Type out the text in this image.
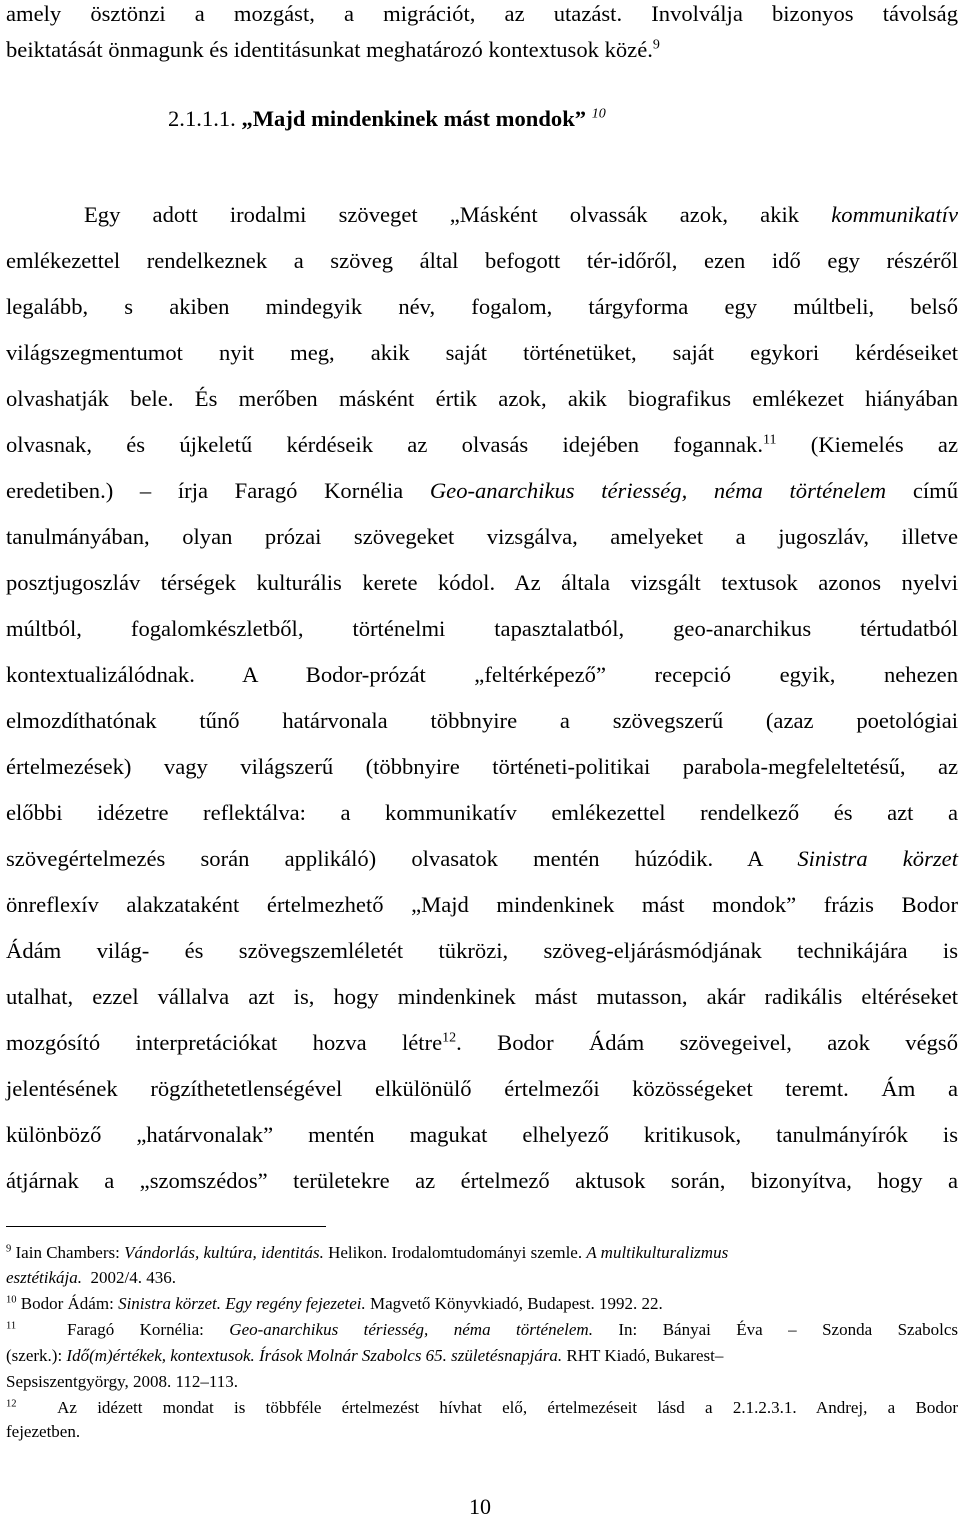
amely ösztönzi a mozgást, a migrációt, az utazást. Involválja bizonyos távolság
beiktatását önmagunk és identitásunkat meghatározó kontextusok közé.$^9$
2.1.1.1. „Majd mindenkinek mást mondok” $^{10}$
Egy adott irodalmi szöveget „Másként olvassák azok, akik kommunikatív
emlékezettel rendelkeznek a szöveg által befogott tér-időről, ezen idő egy részéről
legalább, s akiben mindegyik név, fogalom, tárgyforma egy múltbeli, belső
világszegmentumot nyit meg, akik saját történetüket, saját egykori kérdéseiket
olvashatják bele. És merőben másként értik azok, akik biografikus emlékezet hiányában
olvasnak, és újkeletű kérdéseik az olvasás idejében fogannak.$^{11}$ (Kiemelés az
eredetiben.) ‒ írja Faragó Kornélia Geo-anarchikus tériesség, néma történelem című
tanulmányában, olyan prózai szövegeket vizsgálva, amelyeket a jugoszláv, illetve
posztjugoszláv térségek kulturális kerete kódol. Az általa vizsgált textusok azonos nyelvi
múltból, fogalomkészletből, történelmi tapasztalatból, geo-anarchikus tértudatból
kontextualizálódnak. A Bodor-prózát „feltérképező” recepció egyik, nehezen
elmozdíthatónak tűnő határvonala többnyire a szövegszerű (azaz poetológiai
értelmezések) vagy világszerű (többnyire történeti-politikai parabola-megfeleltetésű, az
előbbi idézetre reflektálva: a kommunikatív emlékezettel rendelkező és azt a
szövegértelmezés során applikáló) olvasatok mentén húzódik. A Sinistra körzet
önreflexív alakzataként értelmezhető „Majd mindenkinek mást mondok” frázis Bodor
Ádám világ- és szövegszemléletét tükrözi, szöveg-eljárásmódjának technikájára is
utalhat, ezzel vállalva azt is, hogy mindenkinek mást mutasson, akár radikális eltéréseket
mozgósító interpretációkat hozva létre$^{12}$. Bodor Ádám szövegeivel, azok végső
jelentésének rögzíthetetlenségével elkülönülő értelmezői közösségeket teremt. Ám a
különböző „határvonalak” mentén magukat elhelyező kritikusok, tanulmányírók is
átjárnak a „szomszédos” területekre az értelmező aktusok során, bizonyítva, hogy a
$^9$ Iain Chambers: Vándorlás, kultúra, identitás. Helikon. Irodalomtudományi szemle. A multikulturalizmus
esztétikája. 2002/4. 436.
$^{10}$ Bodor Ádám: Sinistra körzet. Egy regény fejezetei. Magvető Könyvkiadó, Budapest. 1992. 22.
$^{11}$	Faragó Kornélia: Geo-anarchikus tériesség, néma történelem. In: Bányai Éva – Szonda Szabolcs
(szerk.): Idő(m)értékek, kontextusok. Írások Molnár Szabolcs 65. születésnapjára. RHT Kiadó, Bukarest–
Sepsiszentgyörgy, 2008. 112–113.
$^{12}$ Az idézett mondat is többféle értelmezést hívhat elő, értelmezéseit lásd a 2.1.2.3.1. Andrej, a Bodor
fejezetben.
10
